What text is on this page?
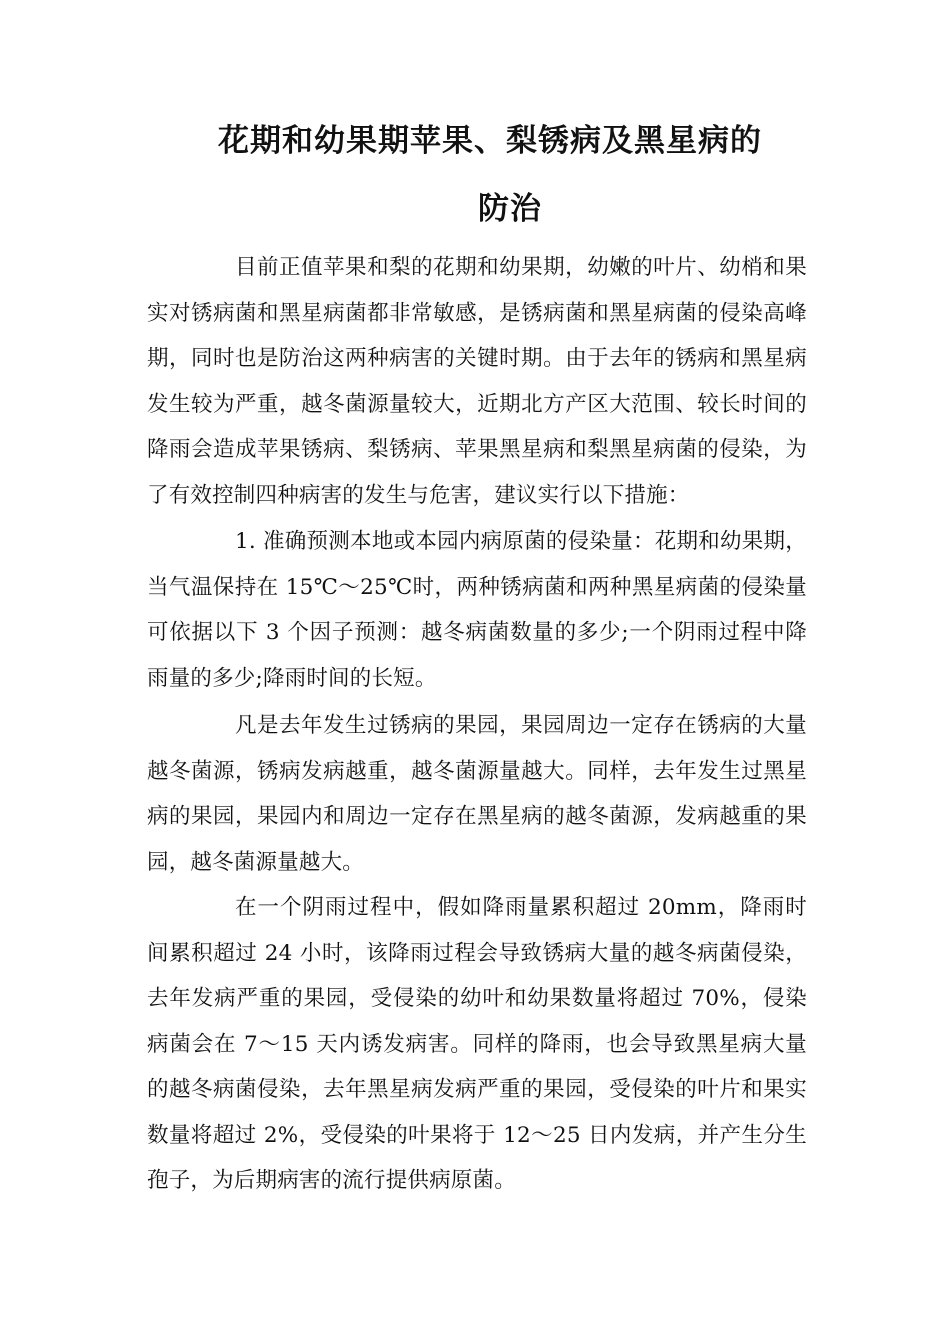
花期和幼果期苹果、梨锈病及黑星病的
防治

目前正值苹果和梨的花期和幼果期，幼嫩的叶片、幼梢和果实对锈病菌和黑星病菌都非常敏感，是锈病菌和黑星病菌的侵染高峰期，同时也是防治这两种病害的关键时期。由于去年的锈病和黑星病发生较为严重，越冬菌源量较大，近期北方产区大范围、较长时间的降雨会造成苹果锈病、梨锈病、苹果黑星病和梨黑星病菌的侵染，为了有效控制四种病害的发生与危害，建议实行以下措施：

1. 准确预测本地或本园内病原菌的侵染量：花期和幼果期，当气温保持在 15℃～25℃时，两种锈病菌和两种黑星病菌的侵染量可依据以下 3 个因子预测：越冬病菌数量的多少;一个阴雨过程中降雨量的多少;降雨时间的长短。

凡是去年发生过锈病的果园，果园周边一定存在锈病的大量越冬菌源，锈病发病越重，越冬菌源量越大。同样，去年发生过黑星病的果园，果园内和周边一定存在黑星病的越冬菌源，发病越重的果园，越冬菌源量越大。

在一个阴雨过程中，假如降雨量累积超过 20mm，降雨时间累积超过 24 小时，该降雨过程会导致锈病大量的越冬病菌侵染，去年发病严重的果园，受侵染的幼叶和幼果数量将超过 70%，侵染病菌会在 7～15 天内诱发病害。同样的降雨，也会导致黑星病大量的越冬病菌侵染，去年黑星病发病严重的果园，受侵染的叶片和果实数量将超过 2%，受侵染的叶果将于 12～25 日内发病，并产生分生孢子，为后期病害的流行提供病原菌。
